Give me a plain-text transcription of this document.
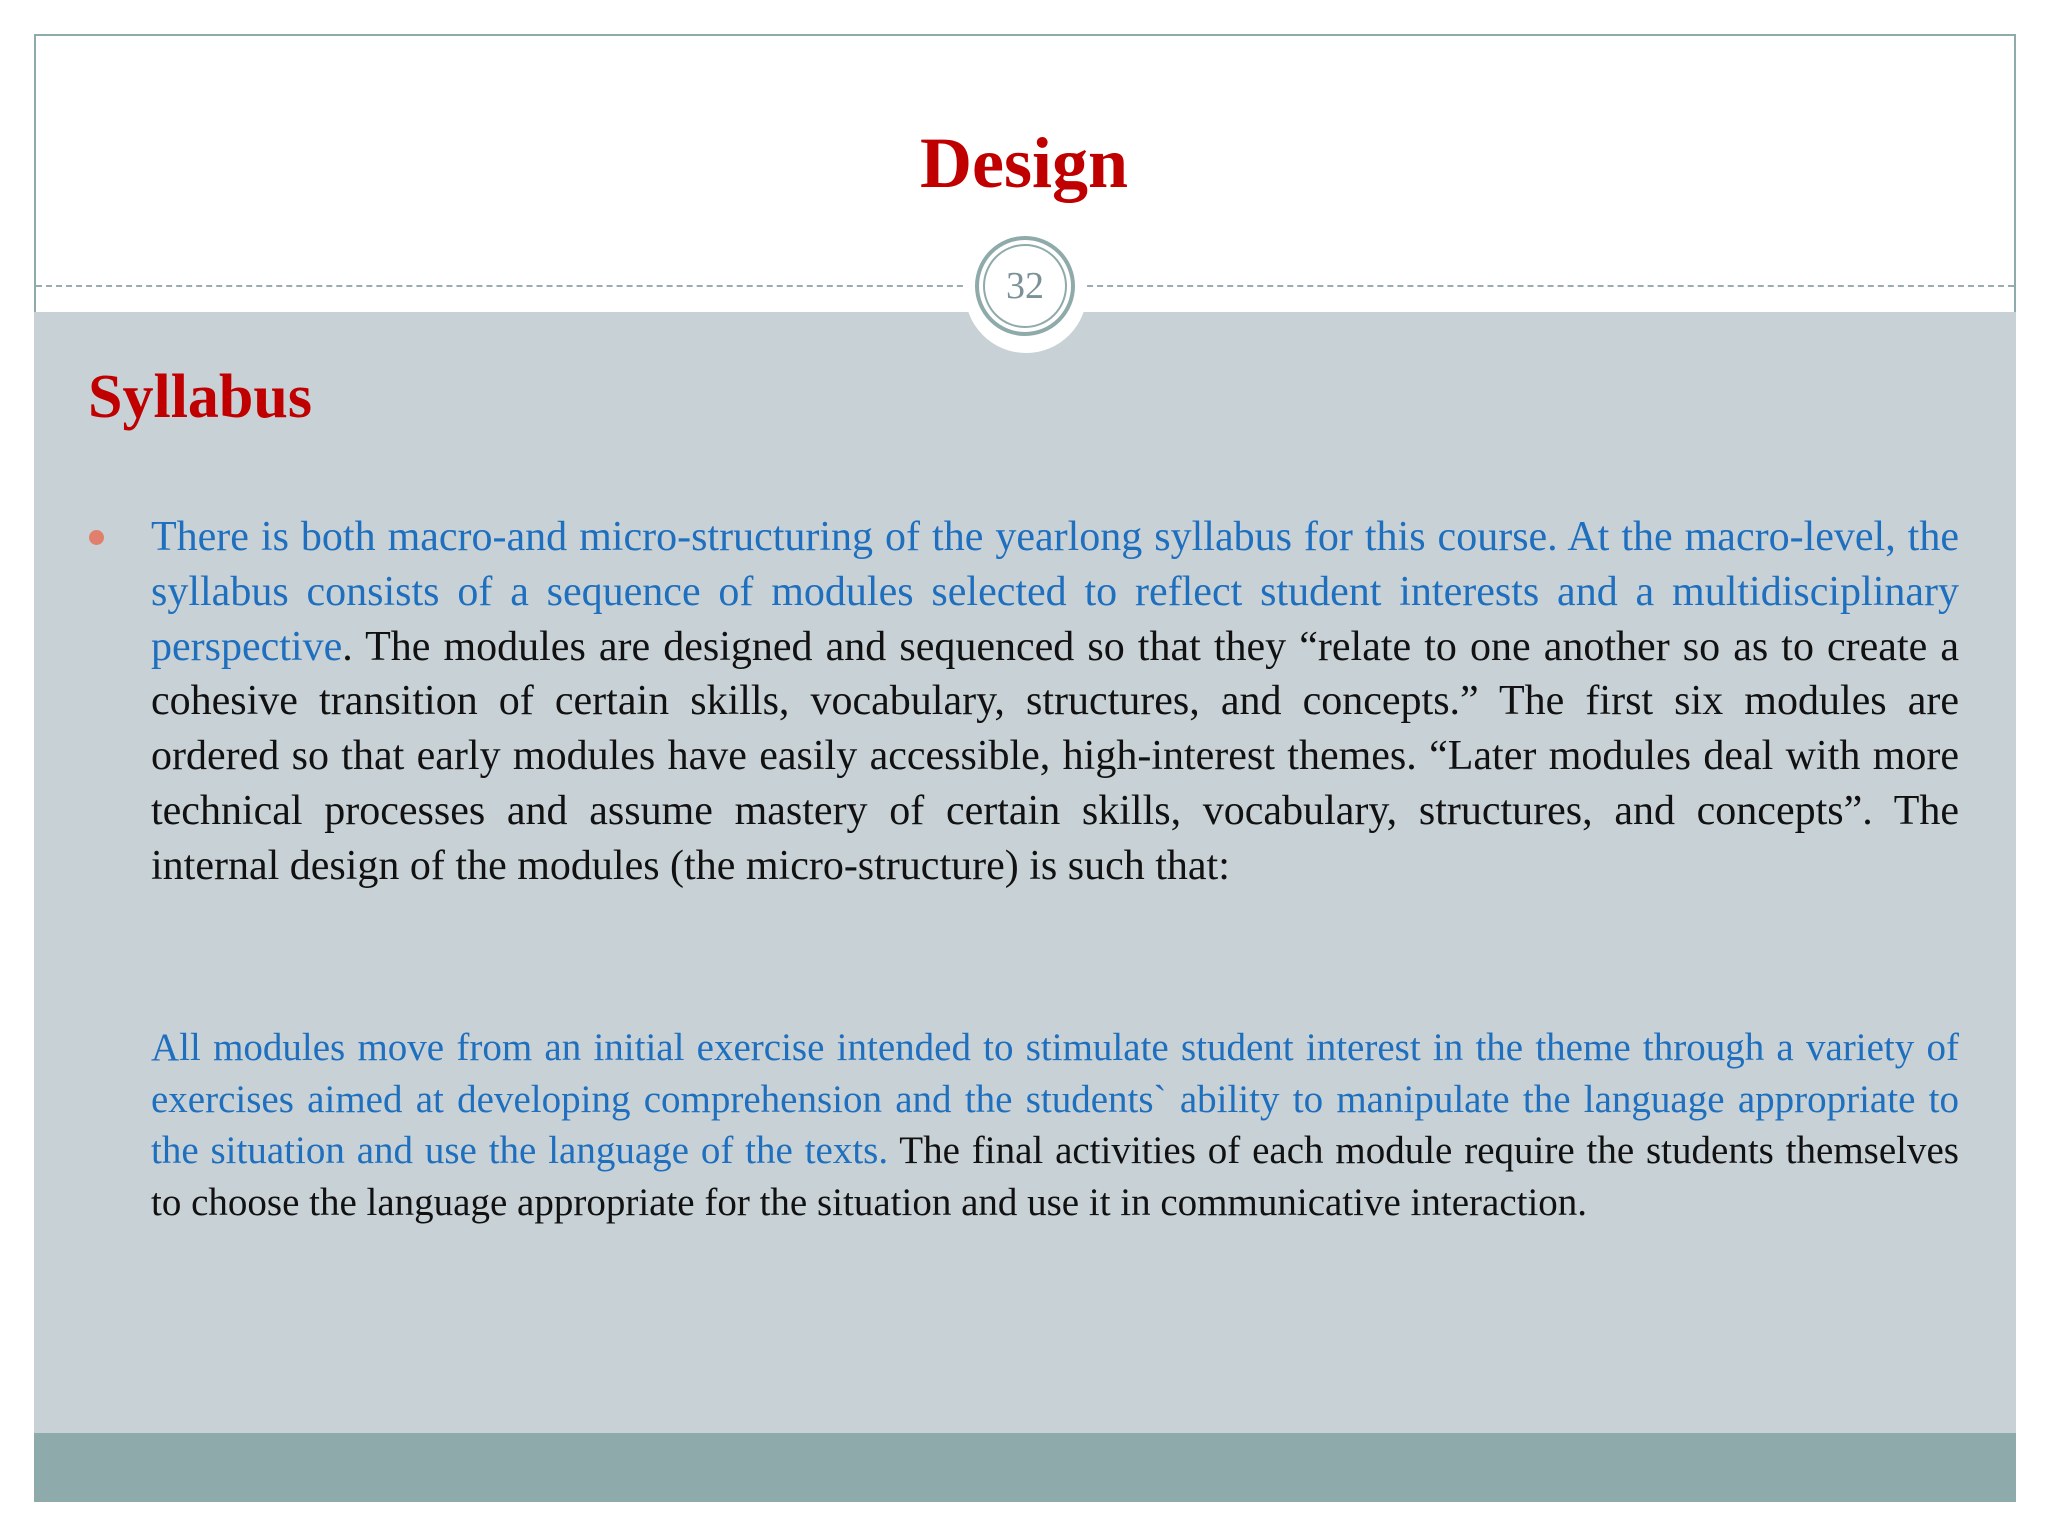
Design
32
Syllabus

There is both macro-and micro-structuring of the yearlong syllabus for this course. At the macro-level, the syllabus consists of a sequence of modules selected to reflect student interests and a multidisciplinary perspective. The modules are designed and sequenced so that they “relate to one another so as to create a cohesive transition of certain skills, vocabulary, structures, and concepts.” The first six modules are ordered so that early modules have easily accessible, high-interest themes. “Later modules deal with more technical processes and assume mastery of certain skills, vocabulary, structures, and concepts”. The internal design of the modules (the micro-structure) is such that:

All modules move from an initial exercise intended to stimulate student interest in the theme through a variety of exercises aimed at developing comprehension and the students` ability to manipulate the language appropriate to the situation and use the language of the texts. The final activities of each module require the students themselves to choose the language appropriate for the situation and use it in communicative interaction.
